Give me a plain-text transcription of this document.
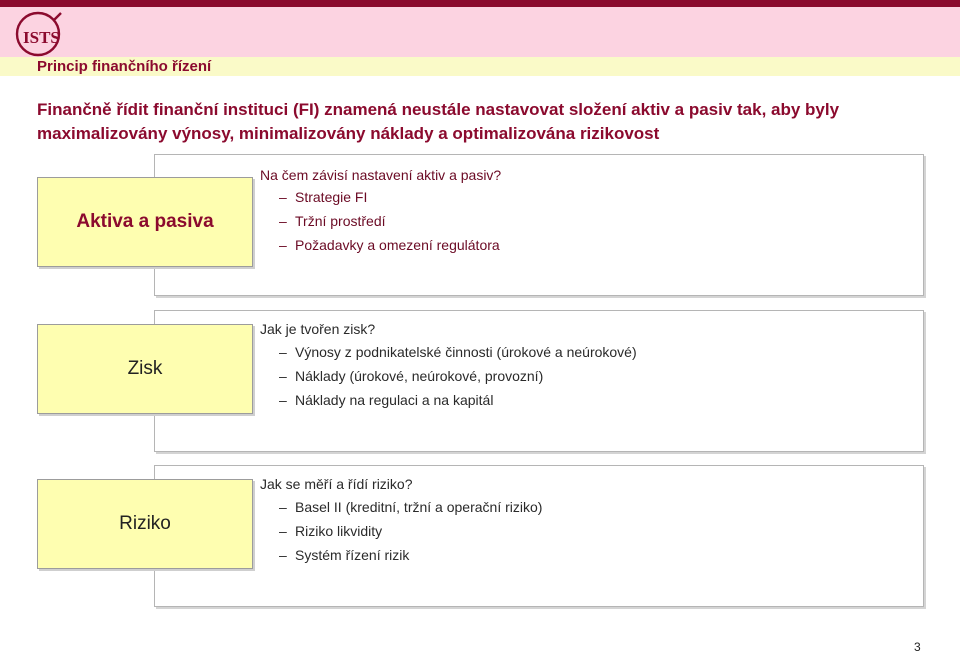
ISTS
Princip finančního řízení
Finančně řídit finanční instituci (FI) znamená neustále nastavovat složení aktiv a pasiv tak, aby byly maximalizovány výnosy, minimalizovány náklady a optimalizována rizikovost
Aktiva a pasiva
Na čem závisí nastavení aktiv a pasiv?
– Strategie FI
– Tržní prostředí
– Požadavky a omezení regulátora
Zisk
Jak je tvořen zisk?
– Výnosy z podnikatelské činnosti (úrokové a neúrokové)
– Náklady (úrokové, neúrokové, provozní)
– Náklady na regulaci a na kapitál
Riziko
Jak se měří a řídí riziko?
– Basel II (kreditní, tržní a operační riziko)
– Riziko likvidity
– Systém řízení rizik
3
